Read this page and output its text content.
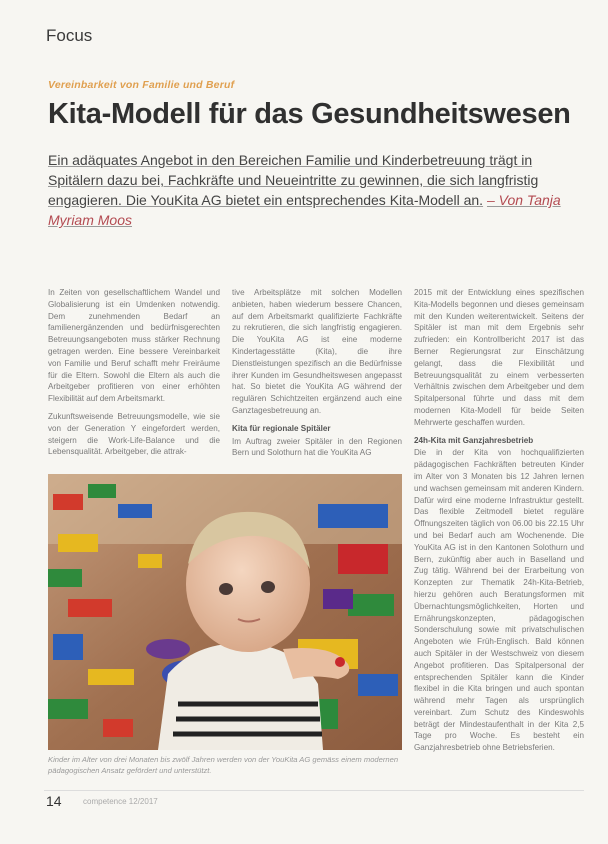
Focus
Vereinbarkeit von Familie und Beruf
Kita-Modell für das Gesundheitswesen
Ein adäquates Angebot in den Bereichen Familie und Kinderbetreuung trägt in Spitälern dazu bei, Fachkräfte und Neueintritte zu gewinnen, die sich langfristig engagieren. Die YouKita AG bietet ein entsprechendes Kita-Modell an. – Von Tanja Myriam Moos

In Zeiten von gesellschaftlichem Wandel und Globalisierung ist ein Umdenken notwendig. Dem zunehmenden Bedarf an familienergänzenden und bedürfnisgerechten Betreuungsangeboten muss stärker Rechnung getragen werden. Eine bessere Vereinbarkeit von Familie und Beruf schafft mehr Freiräume für die Eltern. Sowohl die Eltern als auch die Arbeitgeber profitieren von einer erhöhten Flexibilität auf dem Arbeitsmarkt.

Zukunftsweisende Betreuungsmodelle, wie sie von der Generation Y eingefordert werden, steigern die Work-Life-Balance und die Lebensqualität. Arbeitgeber, die attrak-

tive Arbeitsplätze mit solchen Modellen anbieten, haben wiederum bessere Chancen, auf dem Arbeitsmarkt qualifizierte Fachkräfte zu rekrutieren, die sich langfristig engagieren. Die YouKita AG ist eine moderne Kindertagesstätte (Kita), die ihre Dienstleistungen spezifisch an die Bedürfnisse ihrer Kunden im Gesundheitswesen angepasst hat. So bietet die YouKita AG während der regulären Schichtzeiten ergänzend auch eine Ganztagesbetreuung an.

Kita für regionale Spitäler

Im Auftrag zweier Spitäler in den Regionen Bern und Solothurn hat die YouKita AG

2015 mit der Entwicklung eines spezifischen Kita-Modells begonnen und dieses gemeinsam mit den Kunden weiterentwickelt. Seitens der Spitäler ist man mit dem Ergebnis sehr zufrieden: ein Kontrollbericht 2017 ist das Berner Regierungsrat zur Einschätzung gelangt, dass die Flexibilität und Betreuungsqualität zu einem verbesserten Verhältnis zwischen dem Arbeitgeber und dem Spitalpersonal führte und dass mit dem modernen Kita-Modell für beide Seiten Mehrwerte geschaffen wurden.

24h-Kita mit Ganzjahresbetrieb

Die in der Kita von hochqualifizierten pädagogischen Fachkräften betreuten Kinder im Alter von 3 Monaten bis 12 Jahren lernen und wachsen gemeinsam mit anderen Kindern. Dafür wird eine moderne Infrastruktur gestellt. Das flexible Zeitmodell bietet reguläre Öffnungszeiten täglich von 06.00 bis 22.15 Uhr und bei Bedarf auch am Wochenende. Die YouKita AG ist in den Kantonen Solothurn und Bern, zukünftig aber auch in Baselland und Zug tätig. Während bei der Erarbeitung von Konzepten zur Thematik 24h-Kita-Betrieb, hierzu gehören auch Beratungsformen mit Übernachtungsmöglichkeiten, Horten und Ernährungskonzepten, pädagogischen Sonderschulung sowie mit privatschulischen Angeboten wie Früh-Englisch. Bald können auch Spitäler in der Westschweiz von diesem Angebot profitieren. Das Spitalpersonal der entsprechenden Spitäler kann die Kinder flexibel in die Kita bringen und auch spontan während mehr Tagen als ursprünglich vereinbart. Zum Schutz des Kindeswohls beträgt der Mindestaufenthalt in der Kita 2,5 Tage pro Woche. Es besteht ein Ganzjahresbetrieb ohne Betriebsferien.

Kinder im Alter von drei Monaten bis zwölf Jahren werden von der YouKita AG gemäss einem modernen pädagogischen Ansatz gefördert und unterstützt.
14	competence 12/2017
